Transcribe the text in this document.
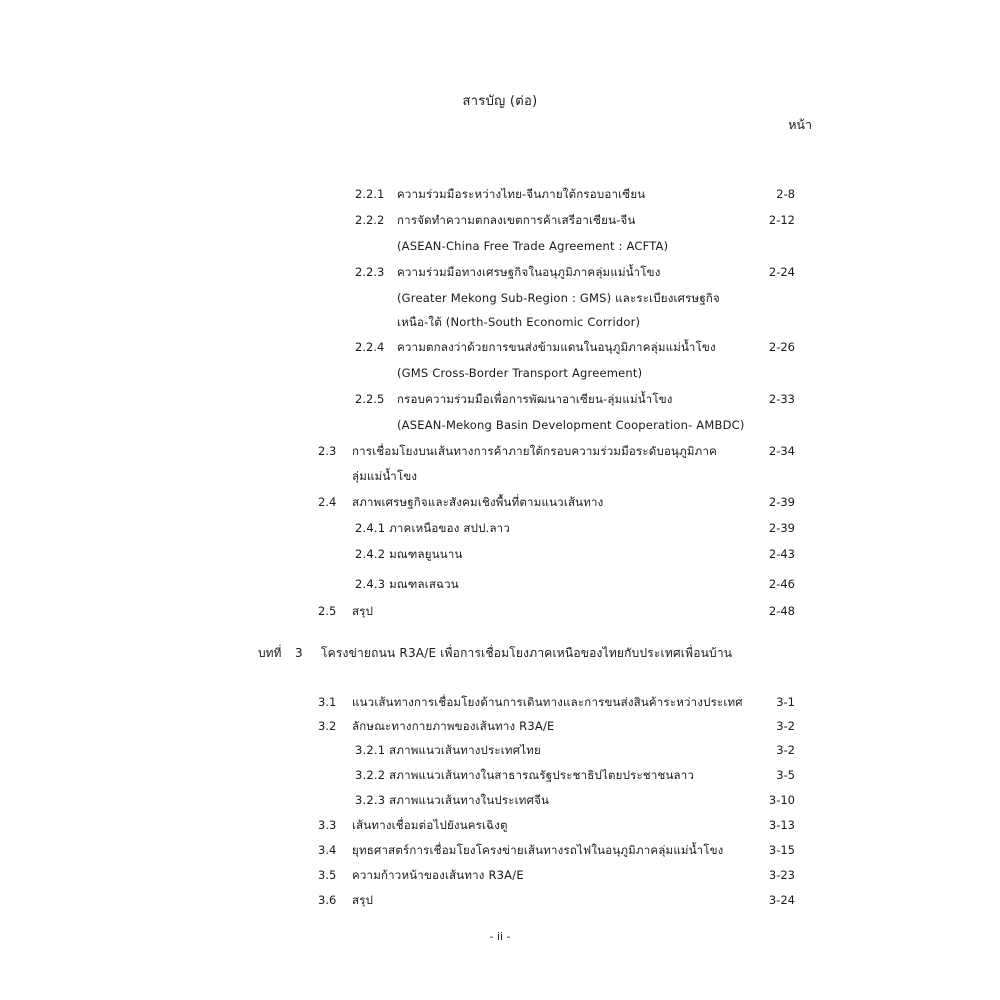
สารบัญ (ต่อ)
หน้า
2.2.1 ความร่วมมือระหว่างไทย-จีนภายใต้กรอบอาเซียน	2-8
2.2.2 การจัดทำความตกลงเขตการค้าเสรีอาเซียน-จีน	2-12
(ASEAN-China Free Trade Agreement : ACFTA)
2.2.3 ความร่วมมือทางเศรษฐกิจในอนุภูมิภาคลุ่มแม่น้ำโขง	2-24
(Greater Mekong Sub-Region : GMS) และระเบียงเศรษฐกิจ
เหนือ-ใต้ (North-South Economic Corridor)
2.2.4 ความตกลงว่าด้วยการขนส่งข้ามแดนในอนุภูมิภาคลุ่มแม่น้ำโขง	2-26
(GMS Cross-Border Transport Agreement)
2.2.5 กรอบความร่วมมือเพื่อการพัฒนาอาเซียน-ลุ่มแม่น้ำโขง	2-33
(ASEAN-Mekong Basin Development Cooperation- AMBDC)
2.3 การเชื่อมโยงบนเส้นทางการค้าภายใต้กรอบความร่วมมือระดับอนุภูมิภาค	2-34
ลุ่มแม่น้ำโขง
2.4 สภาพเศรษฐกิจและสังคมเชิงพื้นที่ตามแนวเส้นทาง	2-39
2.4.1 ภาคเหนือของ สปป.ลาว	2-39
2.4.2 มณฑลยูนนาน	2-43
2.4.3 มณฑลเสฉวน	2-46
2.5 สรุป	2-48
บทที่ 3 โครงข่ายถนน R3A/E เพื่อการเชื่อมโยงภาคเหนือของไทยกับประเทศเพื่อนบ้าน
3.1 แนวเส้นทางการเชื่อมโยงด้านการเดินทางและการขนส่งสินค้าระหว่างประเทศ	3-1
3.2 ลักษณะทางกายภาพของเส้นทาง R3A/E	3-2
3.2.1 สภาพแนวเส้นทางประเทศไทย	3-2
3.2.2 สภาพแนวเส้นทางในสาธารณรัฐประชาธิปไตยประชาชนลาว	3-5
3.2.3 สภาพแนวเส้นทางในประเทศจีน	3-10
3.3 เส้นทางเชื่อมต่อไปยังนครเฉิงตู	3-13
3.4 ยุทธศาสตร์การเชื่อมโยงโครงข่ายเส้นทางรถไฟในอนุภูมิภาคลุ่มแม่น้ำโขง	3-15
3.5 ความก้าวหน้าของเส้นทาง R3A/E	3-23
3.6 สรุป	3-24
- ii -
